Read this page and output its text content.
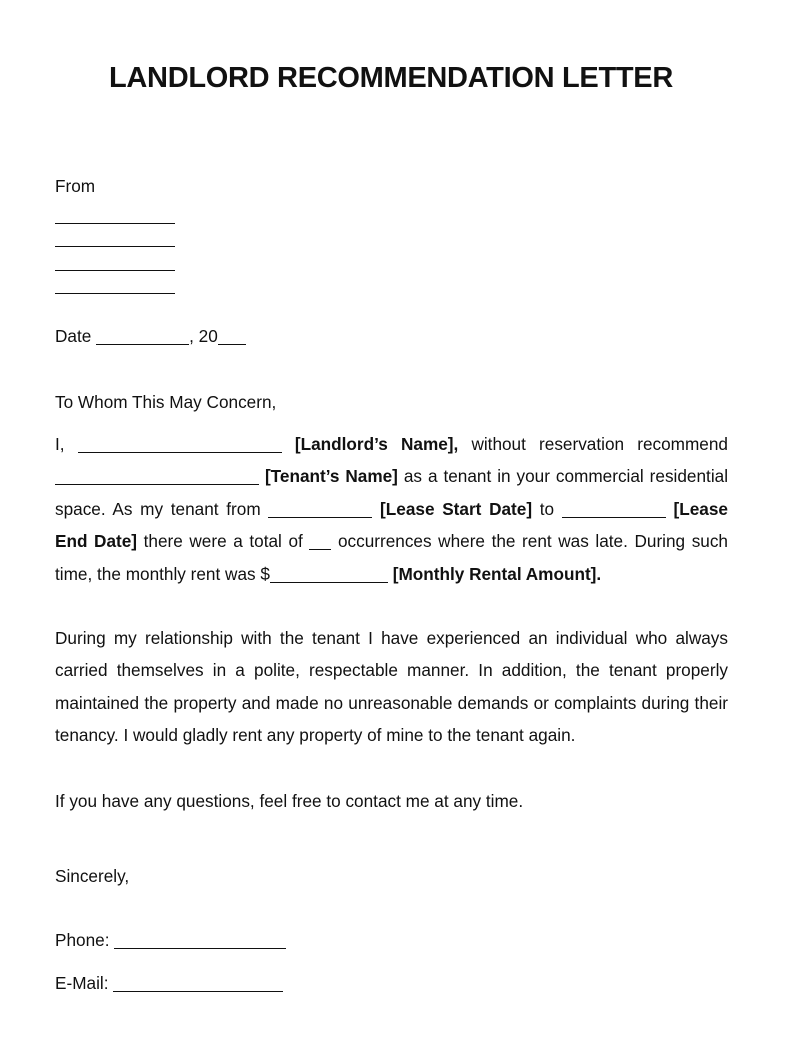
LANDLORD RECOMMENDATION LETTER
From
Date	, 20
To Whom This May Concern,
I,	[Landlord’s Name], without reservation recommend  [Tenant’s Name] as a tenant in your commercial residential space. As my tenant from	[Lease Start Date] to	[Lease End Date] there were a total of occurrences where the rent was late. During such time, the monthly rent was $	[Monthly Rental Amount].
During my relationship with the tenant I have experienced an individual who always carried themselves in a polite, respectable manner. In addition, the tenant properly maintained the property and made no unreasonable demands or complaints during their tenancy. I would gladly rent any property of mine to the tenant again.
If you have any questions, feel free to contact me at any time.
Sincerely,
Phone:
E-Mail:
